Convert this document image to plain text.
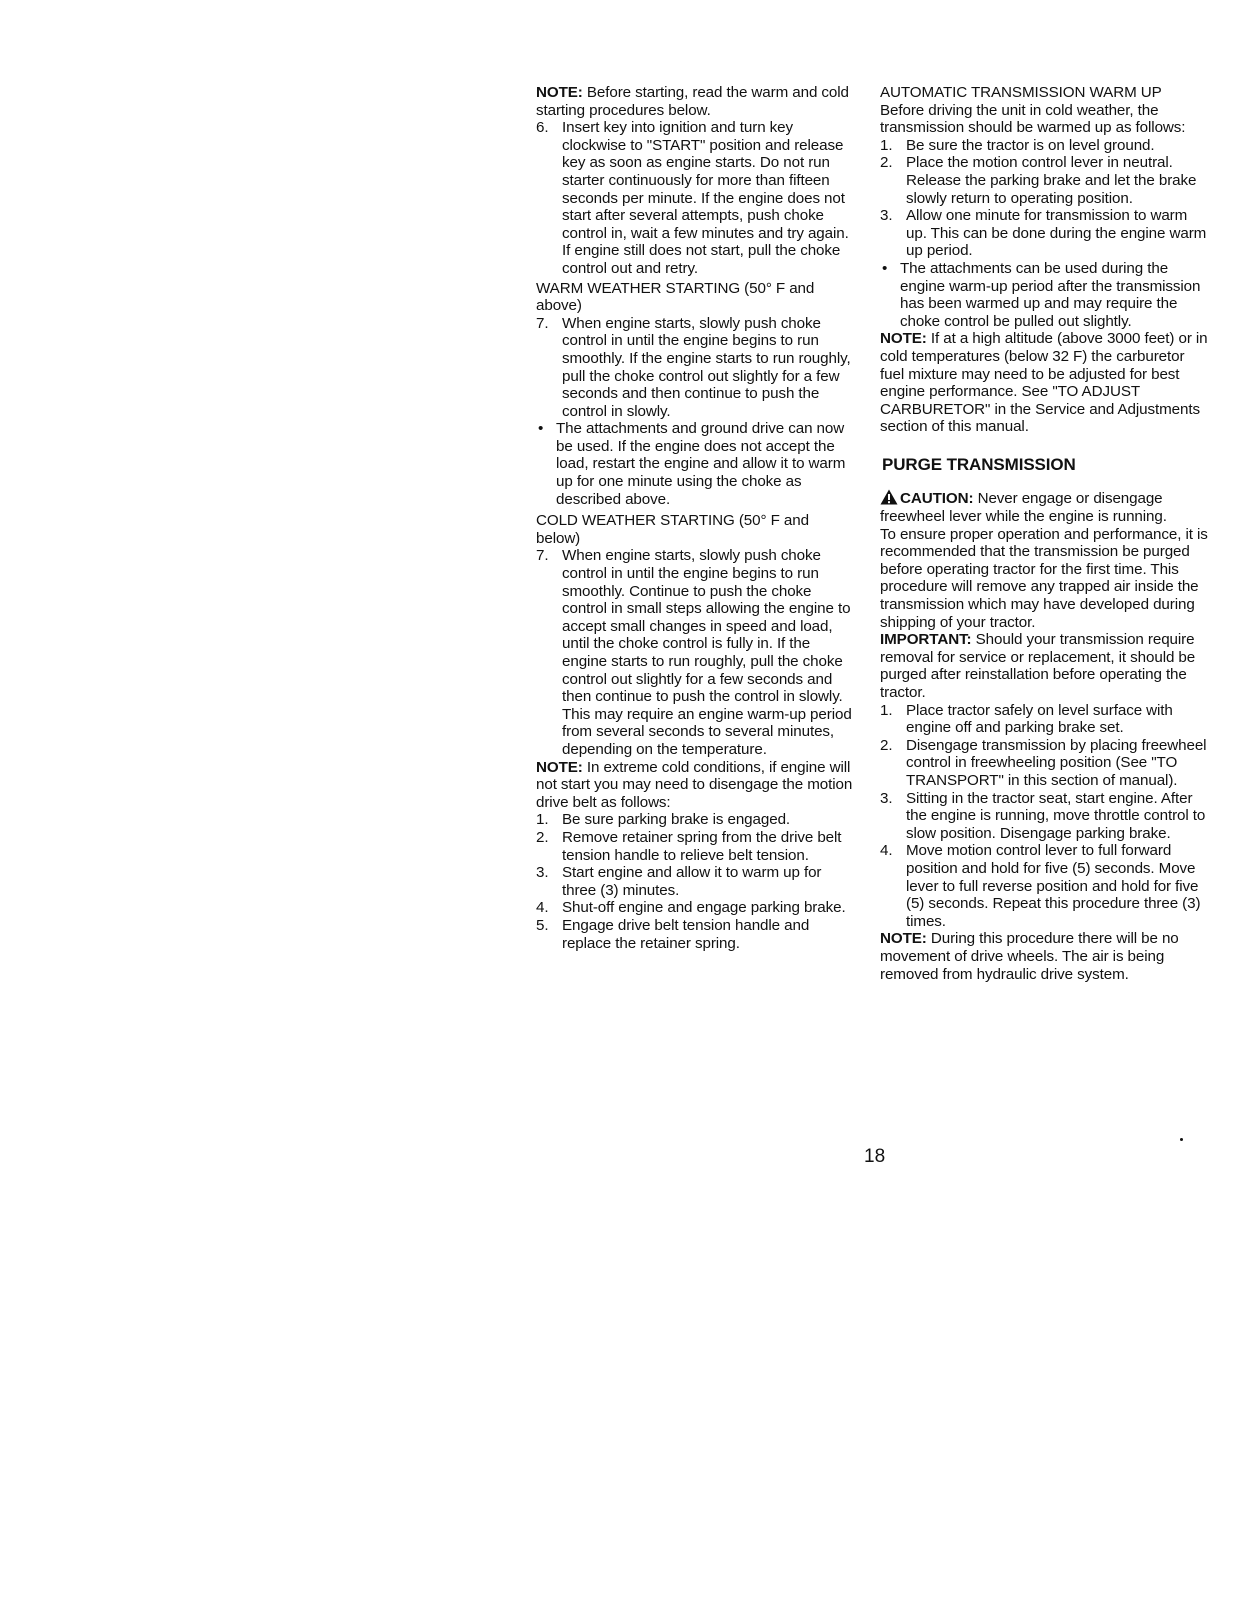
NOTE: Before starting, read the warm and cold starting procedures below.

6. Insert key into ignition and turn key clockwise to "START" position and release key as soon as engine starts. Do not run starter continuously for more than fifteen seconds per minute. If the engine does not start after several attempts, push choke control in, wait a few minutes and try again. If engine still does not start, pull the choke control out and retry.

WARM WEATHER STARTING (50° F and above)

7. When engine starts, slowly push choke control in until the engine begins to run smoothly. If the engine starts to run roughly, pull the choke control out slightly for a few seconds and then continue to push the control in slowly.
• The attachments and ground drive can now be used. If the engine does not accept the load, restart the engine and allow it to warm up for one minute using the choke as described above.

COLD WEATHER STARTING (50° F and below)

7. When engine starts, slowly push choke control in until the engine begins to run smoothly. Continue to push the choke control in small steps allowing the engine to accept small changes in speed and load, until the choke control is fully in. If the engine starts to run roughly, pull the choke control out slightly for a few seconds and then continue to push the control in slowly. This may require an engine warm-up period from several seconds to several minutes, depending on the temperature.

NOTE: In extreme cold conditions, if engine will not start you may need to disengage the motion drive belt as follows:

1. Be sure parking brake is engaged.
2. Remove retainer spring from the drive belt tension handle to relieve belt tension.
3. Start engine and allow it to warm up for three (3) minutes.
4. Shut-off engine and engage parking brake.
5. Engage drive belt tension handle and replace the retainer spring.

AUTOMATIC TRANSMISSION WARM UP

Before driving the unit in cold weather, the transmission should be warmed up as follows:

1. Be sure the tractor is on level ground.
2. Place the motion control lever in neutral. Release the parking brake and let the brake slowly return to operating position.
3. Allow one minute for transmission to warm up. This can be done during the engine warm up period.
• The attachments can be used during the engine warm-up period after the transmission has been warmed up and may require the choke control be pulled out slightly.

NOTE: If at a high altitude (above 3000 feet) or in cold temperatures (below 32 F) the carburetor fuel mixture may need to be adjusted for best engine performance. See "TO ADJUST CARBURETOR" in the Service and Adjustments section of this manual.

PURGE TRANSMISSION

CAUTION: Never engage or disengage freewheel lever while the engine is running.

To ensure proper operation and performance, it is recommended that the transmission be purged before operating tractor for the first time. This procedure will remove any trapped air inside the transmission which may have developed during shipping of your tractor.

IMPORTANT: Should your transmission require removal for service or replacement, it should be purged after reinstallation before operating the tractor.

1. Place tractor safely on level surface with engine off and parking brake set.
2. Disengage transmission by placing freewheel control in freewheeling position (See "TO TRANSPORT" in this section of manual).
3. Sitting in the tractor seat, start engine. After the engine is running, move throttle control to slow position. Disengage parking brake.
4. Move motion control lever to full forward position and hold for five (5) seconds. Move lever to full reverse position and hold for five (5) seconds. Repeat this procedure three (3) times.

NOTE: During this procedure there will be no movement of drive wheels. The air is being removed from hydraulic drive system.

18
